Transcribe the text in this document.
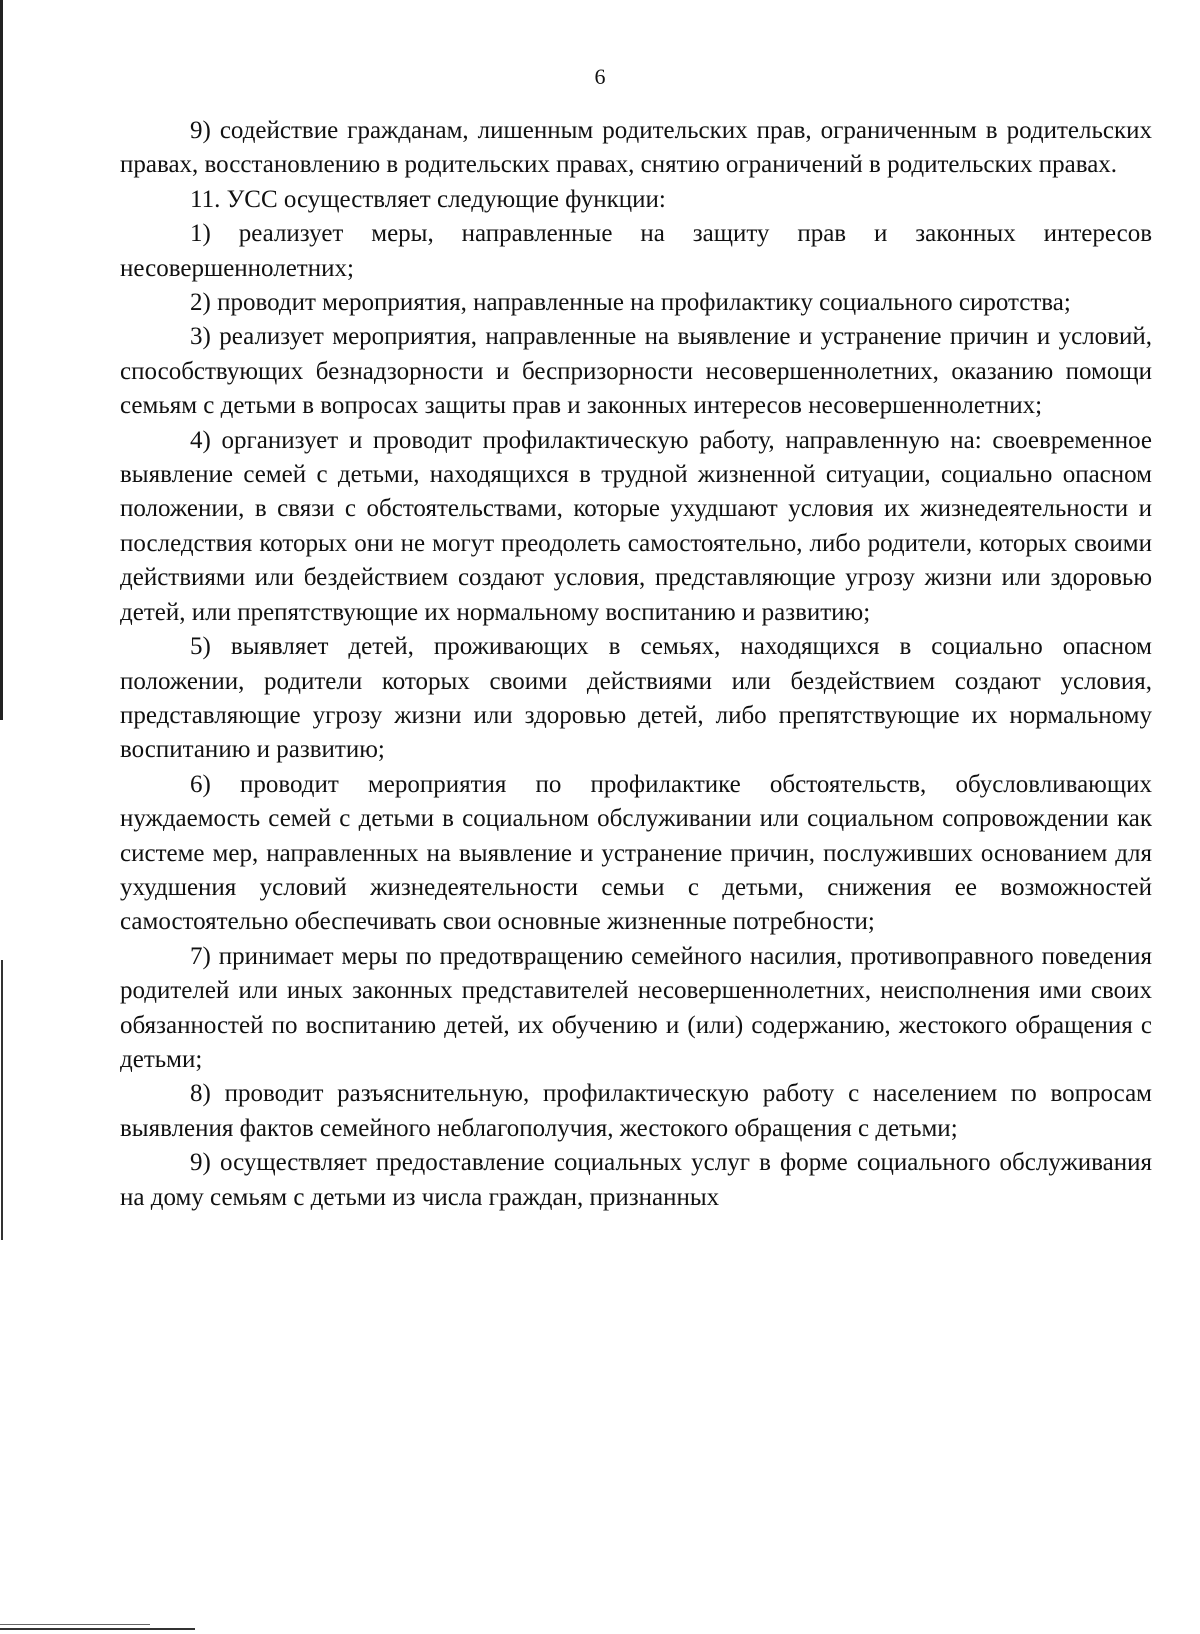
6

9) содействие гражданам, лишенным родительских прав, ограниченным в родительских правах, восстановлению в родительских правах, снятию ограничений в родительских правах.

11. УСС осуществляет следующие функции:

1) реализует меры, направленные на защиту прав и законных интересов несовершеннолетних;

2) проводит мероприятия, направленные на профилактику социального сиротства;

3) реализует мероприятия, направленные на выявление и устранение причин и условий, способствующих безнадзорности и беспризорности несовершеннолетних, оказанию помощи семьям с детьми в вопросах защиты прав и законных интересов несовершеннолетних;

4) организует и проводит профилактическую работу, направленную на: своевременное выявление семей с детьми, находящихся в трудной жизненной ситуации, социально опасном положении, в связи с обстоятельствами, которые ухудшают условия их жизнедеятельности и последствия которых они не могут преодолеть самостоятельно, либо родители, которых своими действиями или бездействием создают условия, представляющие угрозу жизни или здоровью детей, или препятствующие их нормальному воспитанию и развитию;

5) выявляет детей, проживающих в семьях, находящихся в социально опасном положении, родители которых своими действиями или бездействием создают условия, представляющие угрозу жизни или здоровью детей, либо препятствующие их нормальному воспитанию и развитию;

6) проводит мероприятия по профилактике обстоятельств, обусловливающих нуждаемость семей с детьми в социальном обслуживании или социальном сопровождении как системе мер, направленных на выявление и устранение причин, послуживших основанием для ухудшения условий жизнедеятельности семьи с детьми, снижения ее возможностей самостоятельно обеспечивать свои основные жизненные потребности;

7) принимает меры по предотвращению семейного насилия, противоправного поведения родителей или иных законных представителей несовершеннолетних, неисполнения ими своих обязанностей по воспитанию детей, их обучению и (или) содержанию, жестокого обращения с детьми;

8) проводит разъяснительную, профилактическую работу с населением по вопросам выявления фактов семейного неблагополучия, жестокого обращения с детьми;

9) осуществляет предоставление социальных услуг в форме социального обслуживания на дому семьям с детьми из числа граждан, признанных
